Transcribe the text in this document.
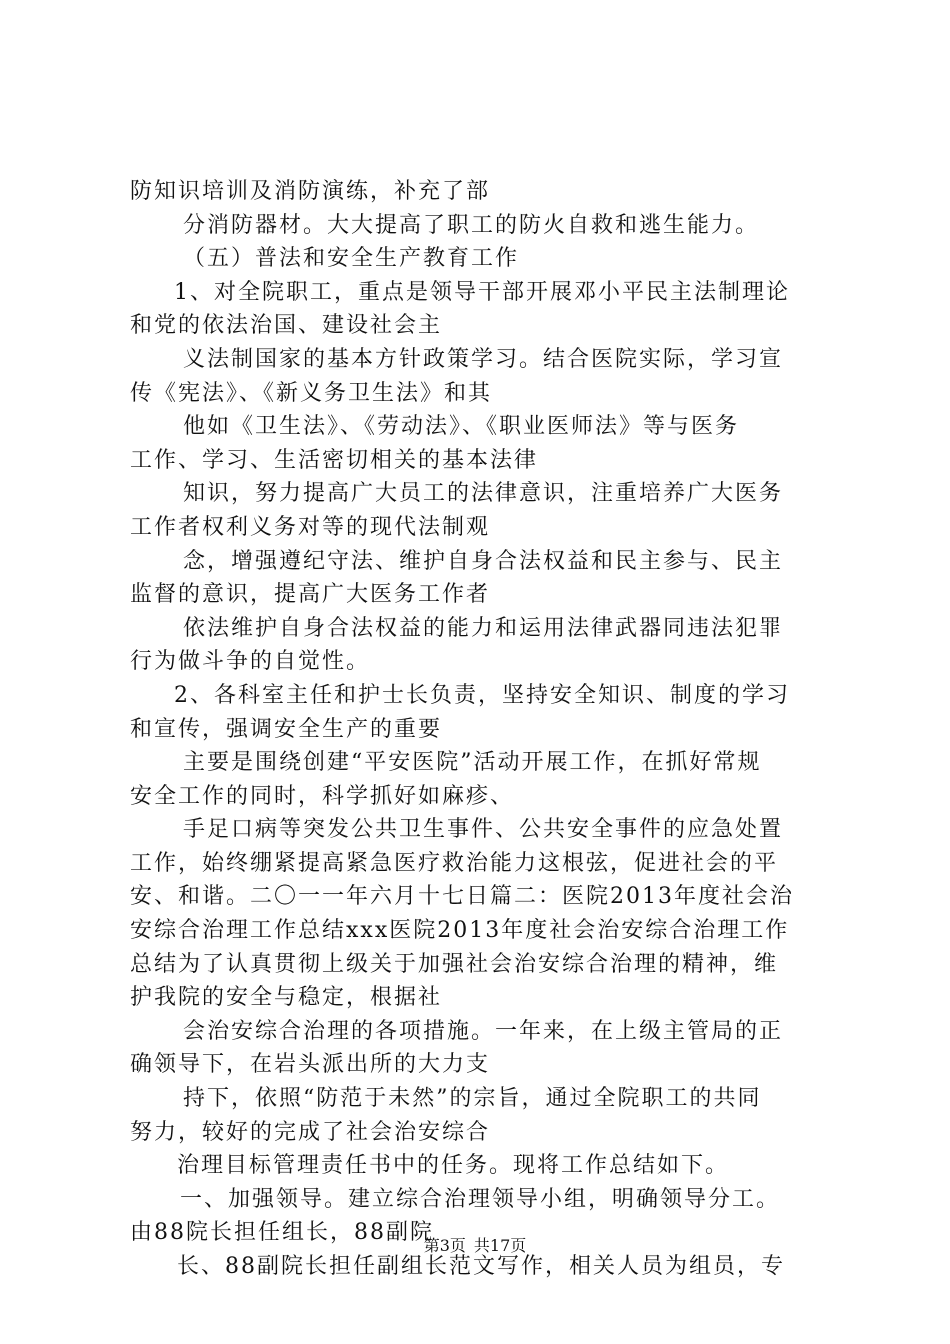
防知识培训及消防演练，补充了部
分消防器材。大大提高了职工的防火自救和逃生能力。
（五）普法和安全生产教育工作
1、对全院职工，重点是领导干部开展邓小平民主法制理论
和党的依法治国、建设社会主
义法制国家的基本方针政策学习。结合医院实际，学习宣
传《宪法》、《新义务卫生法》和其
他如《卫生法》、《劳动法》、《职业医师法》等与医务
工作、学习、生活密切相关的基本法律
知识，努力提高广大员工的法律意识，注重培养广大医务
工作者权利义务对等的现代法制观
念，增强遵纪守法、维护自身合法权益和民主参与、民主
监督的意识，提高广大医务工作者
依法维护自身合法权益的能力和运用法律武器同违法犯罪
行为做斗争的自觉性。
2、各科室主任和护士长负责，坚持安全知识、制度的学习
和宣传，强调安全生产的重要
主要是围绕创建“平安医院”活动开展工作，在抓好常规
安全工作的同时，科学抓好如麻疹、
手足口病等突发公共卫生事件、公共安全事件的应急处置
工作，始终绷紧提高紧急医疗救治能力这根弦，促进社会的平
安、和谐。二〇一一年六月十七日篇二：医院2013年度社会治
安综合治理工作总结xxx医院2013年度社会治安综合治理工作
总结为了认真贯彻上级关于加强社会治安综合治理的精神，维
护我院的安全与稳定，根据社
会治安综合治理的各项措施。一年来，在上级主管局的正
确领导下，在岩头派出所的大力支
持下，依照“防范于未然”的宗旨，通过全院职工的共同
努力，较好的完成了社会治安综合
治理目标管理责任书中的任务。现将工作总结如下。
一、加强领导。建立综合治理领导小组，明确领导分工。
由88院长担任组长，88副院
长、88副院长担任副组长范文写作，相关人员为组员，专
第3页 共17页
